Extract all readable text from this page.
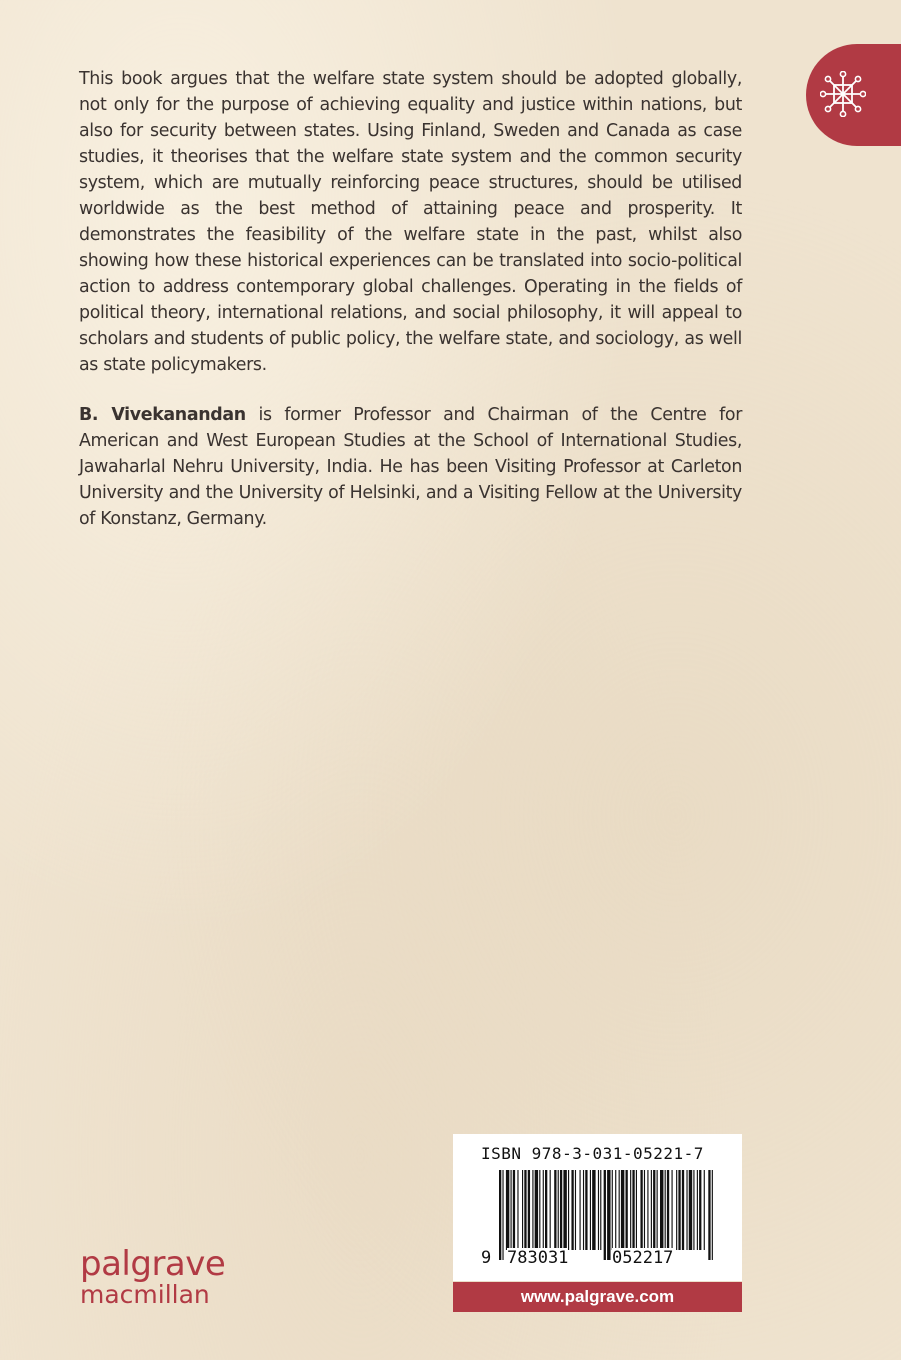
This book argues that the welfare state system should be adopted globally, not only for the purpose of achieving equality and justice within nations, but also for security between states. Using Finland, Sweden and Canada as case studies, it theorises that the welfare state system and the common security system, which are mutually reinforcing peace structures, should be utilised worldwide as the best method of attaining peace and prosperity. It demonstrates the feasibility of the welfare state in the past, whilst also showing how these historical experiences can be translated into socio-political action to address contemporary global challenges. Operating in the fields of political theory, international relations, and social philosophy, it will appeal to scholars and students of public policy, the welfare state, and sociology, as well as state policymakers.

B. Vivekanandan is former Professor and Chairman of the Centre for American and West European Studies at the School of International Studies, Jawaharlal Nehru University, India. He has been Visiting Professor at Carleton University and the University of Helsinki, and a Visiting Fellow at the University of Konstanz, Germany.

ISBN 978-3-031-05221-7
9 783031	052217
www.palgrave.com
palgrave
macmillan
